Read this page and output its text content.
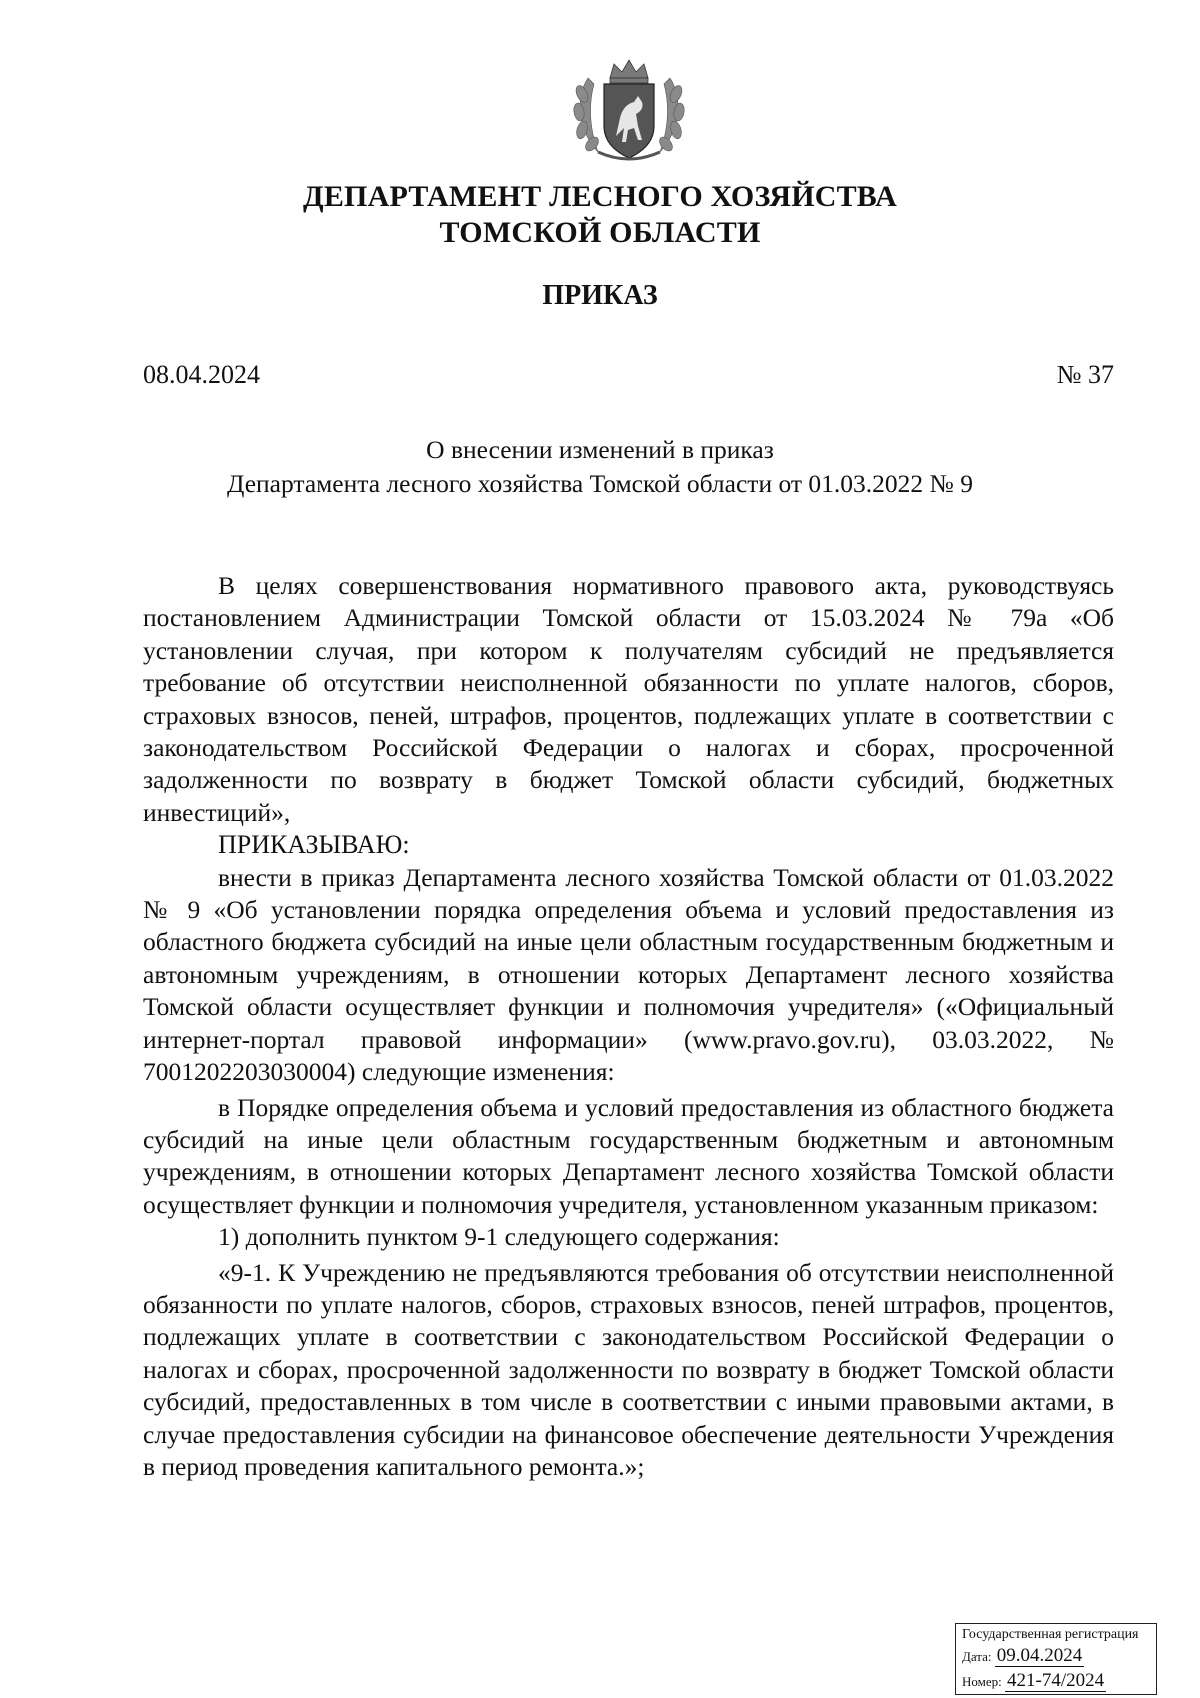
ДЕПАРТАМЕНТ ЛЕСНОГО ХОЗЯЙСТВА
ТОМСКОЙ ОБЛАСТИ
ПРИКАЗ
08.04.2024	№ 37
О внесении изменений в приказ
Департамента лесного хозяйства Томской области от 01.03.2022 № 9

В целях совершенствования нормативного правового акта, руководствуясь постановлением Администрации Томской области от 15.03.2024 № 79а «Об установлении случая, при котором к получателям субсидий не предъявляется требование об отсутствии неисполненной обязанности по уплате налогов, сборов, страховых взносов, пеней, штрафов, процентов, подлежащих уплате в соответствии с законодательством Российской Федерации о налогах и сборах, просроченной задолженности по возврату в бюджет Томской области субсидий, бюджетных инвестиций»,

ПРИКАЗЫВАЮ:

внести в приказ Департамента лесного хозяйства Томской области от 01.03.2022 № 9 «Об установлении порядка определения объема и условий предоставления из областного бюджета субсидий на иные цели областным государственным бюджетным и автономным учреждениям, в отношении которых Департамент лесного хозяйства Томской области осуществляет функции и полномочия учредителя» («Официальный интернет-портал правовой информации» (www.pravo.gov.ru), 03.03.2022, № 7001202203030004) следующие изменения:

в Порядке определения объема и условий предоставления из областного бюджета субсидий на иные цели областным государственным бюджетным и автономным учреждениям, в отношении которых Департамент лесного хозяйства Томской области осуществляет функции и полномочия учредителя, установленном указанным приказом:

1) дополнить пунктом 9-1 следующего содержания:

«9-1. К Учреждению не предъявляются требования об отсутствии неисполненной обязанности по уплате налогов, сборов, страховых взносов, пеней штрафов, процентов, подлежащих уплате в соответствии с законодательством Российской Федерации о налогах и сборах, просроченной задолженности по возврату в бюджет Томской области субсидий, предоставленных в том числе в соответствии с иными правовыми актами, в случае предоставления субсидии на финансовое обеспечение деятельности Учреждения в период проведения капитального ремонта.»;

Государственная регистрация
Дата: 09.04.2024
Номер: 421-74/2024
